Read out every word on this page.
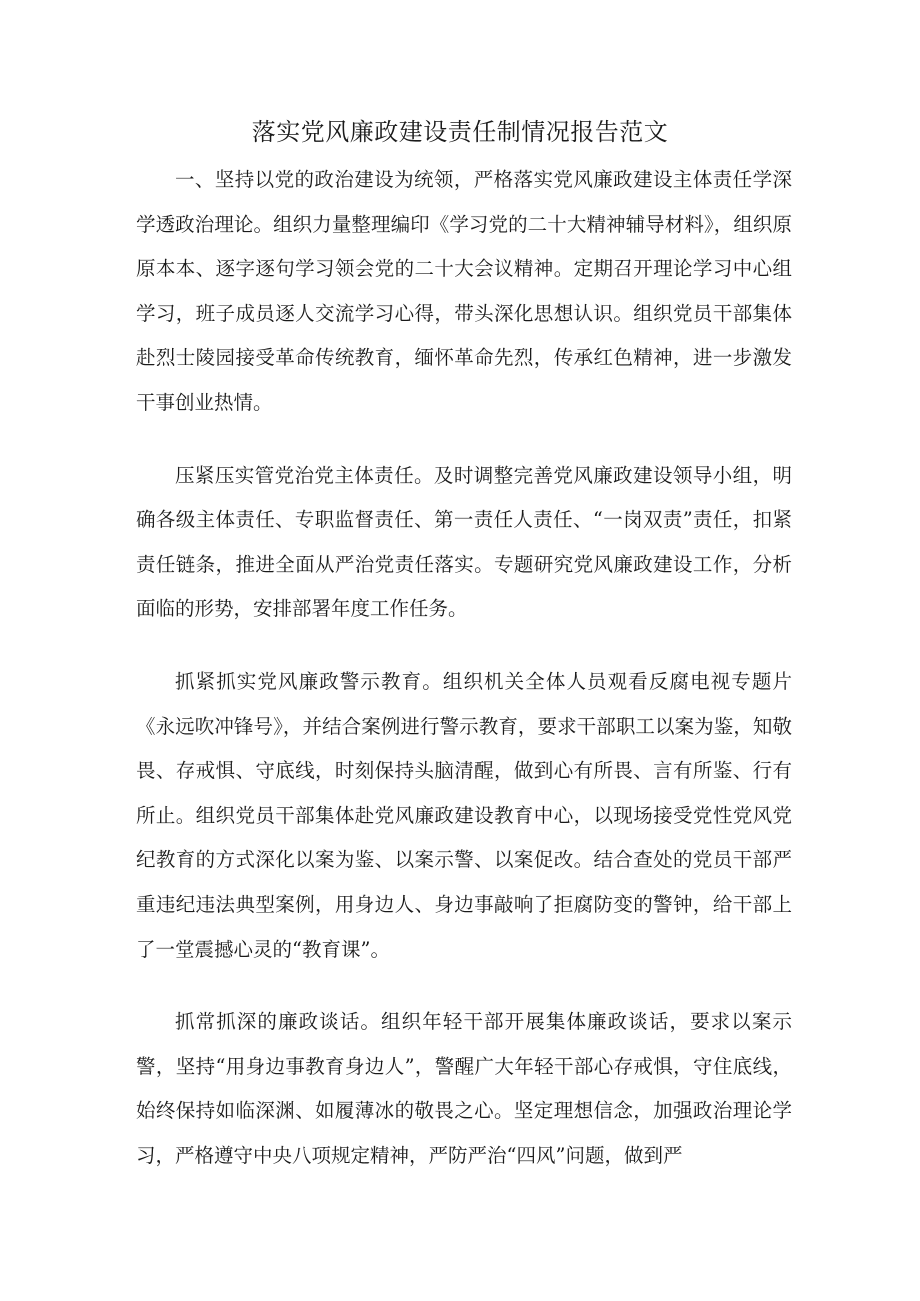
落实党风廉政建设责任制情况报告范文

一、坚持以党的政治建设为统领，严格落实党风廉政建设主体责任学深学透政治理论。组织力量整理编印《学习党的二十大精神辅导材料》，组织原原本本、逐字逐句学习领会党的二十大会议精神。定期召开理论学习中心组学习，班子成员逐人交流学习心得，带头深化思想认识。组织党员干部集体赴烈士陵园接受革命传统教育，缅怀革命先烈，传承红色精神，进一步激发干事创业热情。

压紧压实管党治党主体责任。及时调整完善党风廉政建设领导小组，明确各级主体责任、专职监督责任、第一责任人责任、“一岗双责”责任，扣紧责任链条，推进全面从严治党责任落实。专题研究党风廉政建设工作，分析面临的形势，安排部署年度工作任务。

抓紧抓实党风廉政警示教育。组织机关全体人员观看反腐电视专题片《永远吹冲锋号》，并结合案例进行警示教育，要求干部职工以案为鉴，知敬畏、存戒惧、守底线，时刻保持头脑清醒，做到心有所畏、言有所鉴、行有所止。组织党员干部集体赴党风廉政建设教育中心，以现场接受党性党风党纪教育的方式深化以案为鉴、以案示警、以案促改。结合查处的党员干部严重违纪违法典型案例，用身边人、身边事敲响了拒腐防变的警钟，给干部上了一堂震撼心灵的“教育课”。

抓常抓深的廉政谈话。组织年轻干部开展集体廉政谈话，要求以案示警，坚持“用身边事教育身边人”，警醒广大年轻干部心存戒惧，守住底线，始终保持如临深渊、如履薄冰的敬畏之心。坚定理想信念，加强政治理论学习，严格遵守中央八项规定精神，严防严治“四风”问题，做到严
